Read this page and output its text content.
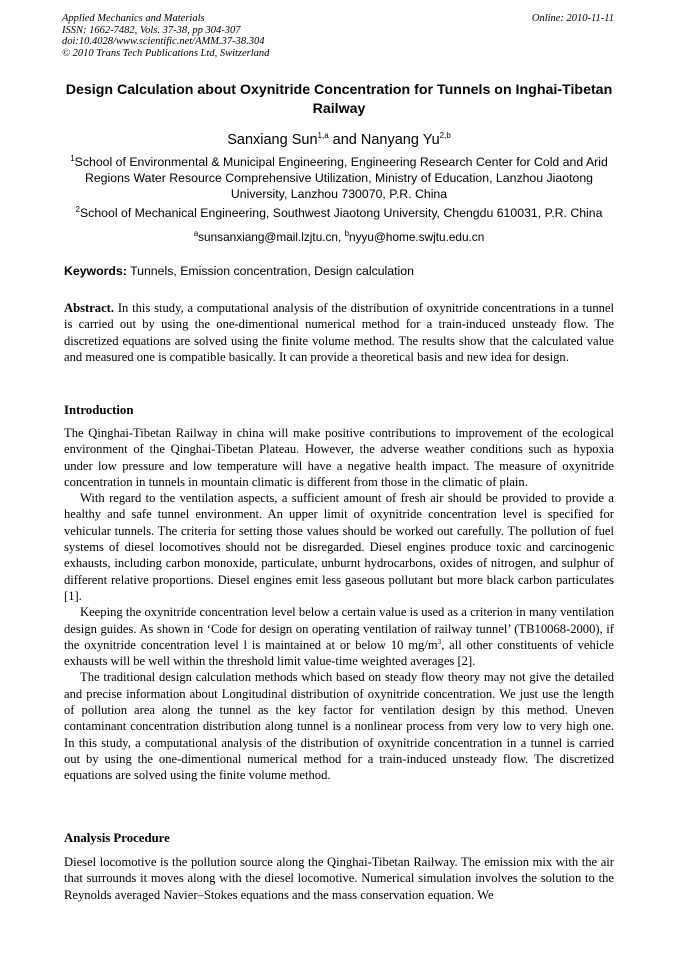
Applied Mechanics and Materials
ISSN: 1662-7482, Vols. 37-38, pp 304-307
doi:10.4028/www.scientific.net/AMM.37-38.304
© 2010 Trans Tech Publications Ltd, Switzerland
Online: 2010-11-11
Design Calculation about Oxynitride Concentration for Tunnels on Inghai-Tibetan Railway
Sanxiang Sun$^{1,a}$ and Nanyang Yu$^{2,b}$
$^1$School of Environmental & Municipal Engineering, Engineering Research Center for Cold and Arid Regions Water Resource Comprehensive Utilization, Ministry of Education, Lanzhou Jiaotong University, Lanzhou 730070, P.R. China
$^2$School of Mechanical Engineering, Southwest Jiaotong University, Chengdu 610031, P.R. China
$^a$sunsanxiang@mail.lzjtu.cn, $^b$nyyu@home.swjtu.edu.cn
Keywords: Tunnels, Emission concentration, Design calculation
Abstract. In this study, a computational analysis of the distribution of oxynitride concentrations in a tunnel is carried out by using the one-dimentional numerical method for a train-induced unsteady flow. The discretized equations are solved using the finite volume method. The results show that the calculated value and measured one is compatible basically. It can provide a theoretical basis and new idea for design.
Introduction

The Qinghai-Tibetan Railway in china will make positive contributions to improvement of the ecological environment of the Qinghai-Tibetan Plateau. However, the adverse weather conditions such as hypoxia under low pressure and low temperature will have a negative health impact. The measure of oxynitride concentration in tunnels in mountain climatic is different from those in the climatic of plain.

With regard to the ventilation aspects, a sufficient amount of fresh air should be provided to provide a healthy and safe tunnel environment. An upper limit of oxynitride concentration level is specified for vehicular tunnels. The criteria for setting those values should be worked out carefully. The pollution of fuel systems of diesel locomotives should not be disregarded. Diesel engines produce toxic and carcinogenic exhausts, including carbon monoxide, particulate, unburnt hydrocarbons, oxides of nitrogen, and sulphur of different relative proportions. Diesel engines emit less gaseous pollutant but more black carbon particulates [1].

Keeping the oxynitride concentration level below a certain value is used as a criterion in many ventilation design guides. As shown in ‘Code for design on operating ventilation of railway tunnel’ (TB10068-2000), if the oxynitride concentration level l is maintained at or below 10 $mg/m^3$, all other constituents of vehicle exhausts will be well within the threshold limit value-time weighted averages [2].

The traditional design calculation methods which based on steady flow theory may not give the detailed and precise information about Longitudinal distribution of oxynitride concentration. We just use the length of pollution area along the tunnel as the key factor for ventilation design by this method. Uneven contaminant concentration distribution along tunnel is a nonlinear process from very low to very high one. In this study, a computational analysis of the distribution of oxynitride concentration in a tunnel is carried out by using the one-dimentional numerical method for a train-induced unsteady flow. The discretized equations are solved using the finite volume method.

Analysis Procedure

Diesel locomotive is the pollution source along the Qinghai-Tibetan Railway. The emission mix with the air that surrounds it moves along with the diesel locomotive. Numerical simulation involves the solution to the Reynolds averaged Navier–Stokes equations and the mass conservation equation. We
